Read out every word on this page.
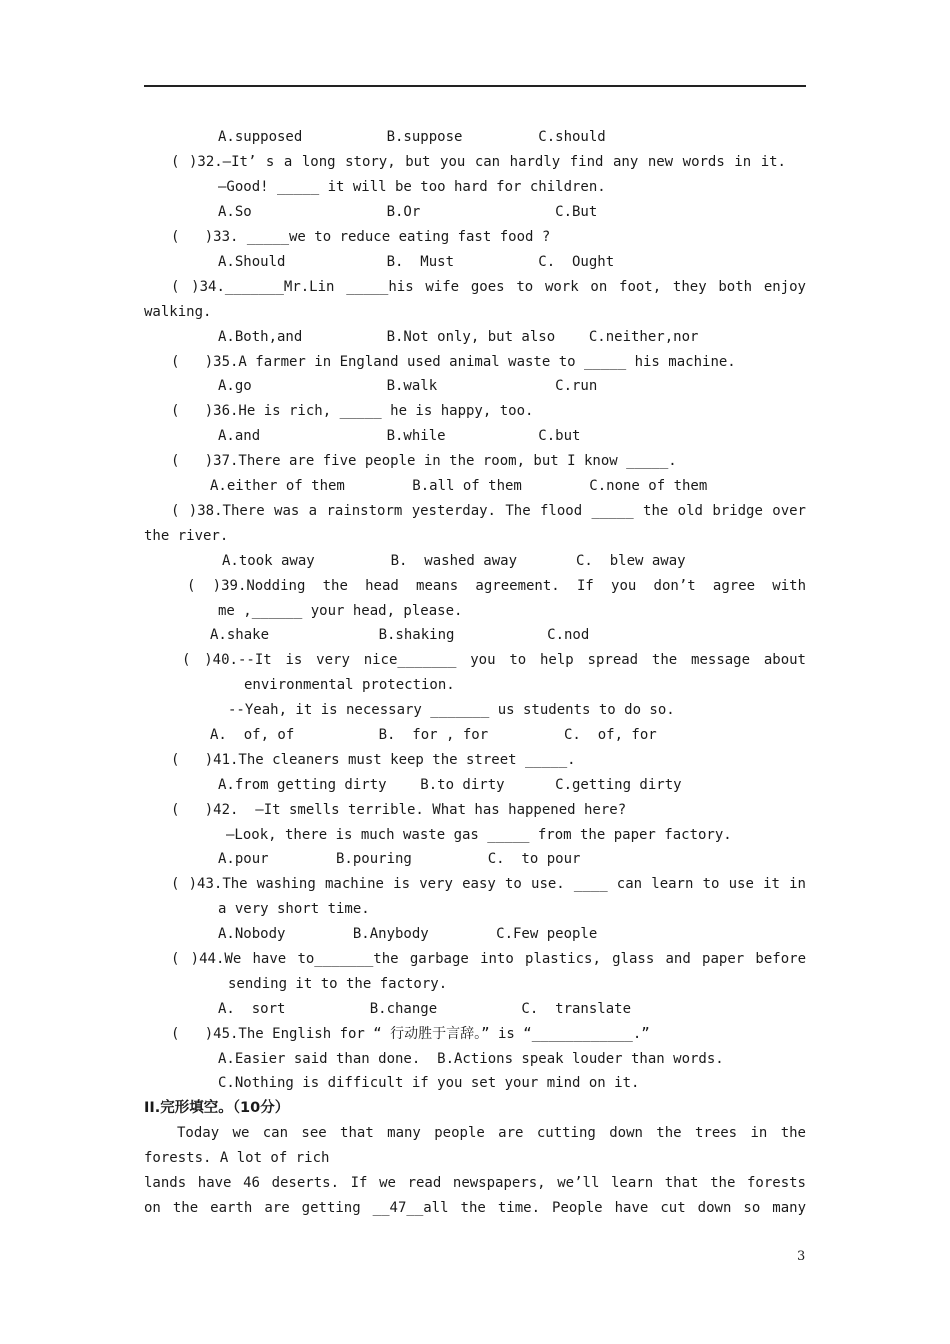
A.supposed          B.suppose         C.should
( )32.—It’ s a long story, but you can hardly find any new words in it.
—Good! _____ it will be too hard for children.
A.So                B.Or                C.But
(   )33. _____we to reduce eating fast food ?
A.Should            B.  Must          C.  Ought
( )34._______Mr.Lin _____his wife goes to work on foot, they both enjoy
walking.
A.Both,and          B.Not only, but also    C.neither,nor
(   )35.A farmer in England used animal waste to _____ his machine.
A.go                B.walk              C.run
(   )36.He is rich, _____ he is happy, too.
A.and               B.while           C.but
(   )37.There are five people in the room, but I know _____.
A.either of them        B.all of them        C.none of them
( )38.There was a rainstorm yesterday. The flood _____ the old bridge over
the river.
A.took away         B.  washed away       C.  blew away
( )39.Nodding the head means agreement. If you don’t agree with
me ,______ your head, please.
A.shake             B.shaking           C.nod
( )40.--It is very nice_______ you to help spread the message about
environmental protection.
--Yeah, it is necessary _______ us students to do so.
A.  of, of          B.  for , for         C.  of, for
(   )41.The cleaners must keep the street _____.
A.from getting dirty    B.to dirty      C.getting dirty
(   )42.  —It smells terrible. What has happened here?
—Look, there is much waste gas _____ from the paper factory.
A.pour        B.pouring         C.  to pour
( )43.The washing machine is very easy to use. ____ can learn to use it in
a very short time.
A.Nobody        B.Anybody        C.Few people
( )44.We have to_______the garbage into plastics, glass and paper before
sending it to the factory.
A.  sort          B.change          C.  translate
(   )45.The English for “ 行动胜于言辞。” is “____________.”
A.Easier said than done.  B.Actions speak louder than words.
C.Nothing is difficult if you set your mind on it.
II.完形填空。（10分）
Today we can see that many people are cutting down the trees in the
forests. A lot of rich
lands have 46 deserts. If we read newspapers, we’ll learn that the forests
on the earth are getting __47__all the time. People have cut down so many
3
